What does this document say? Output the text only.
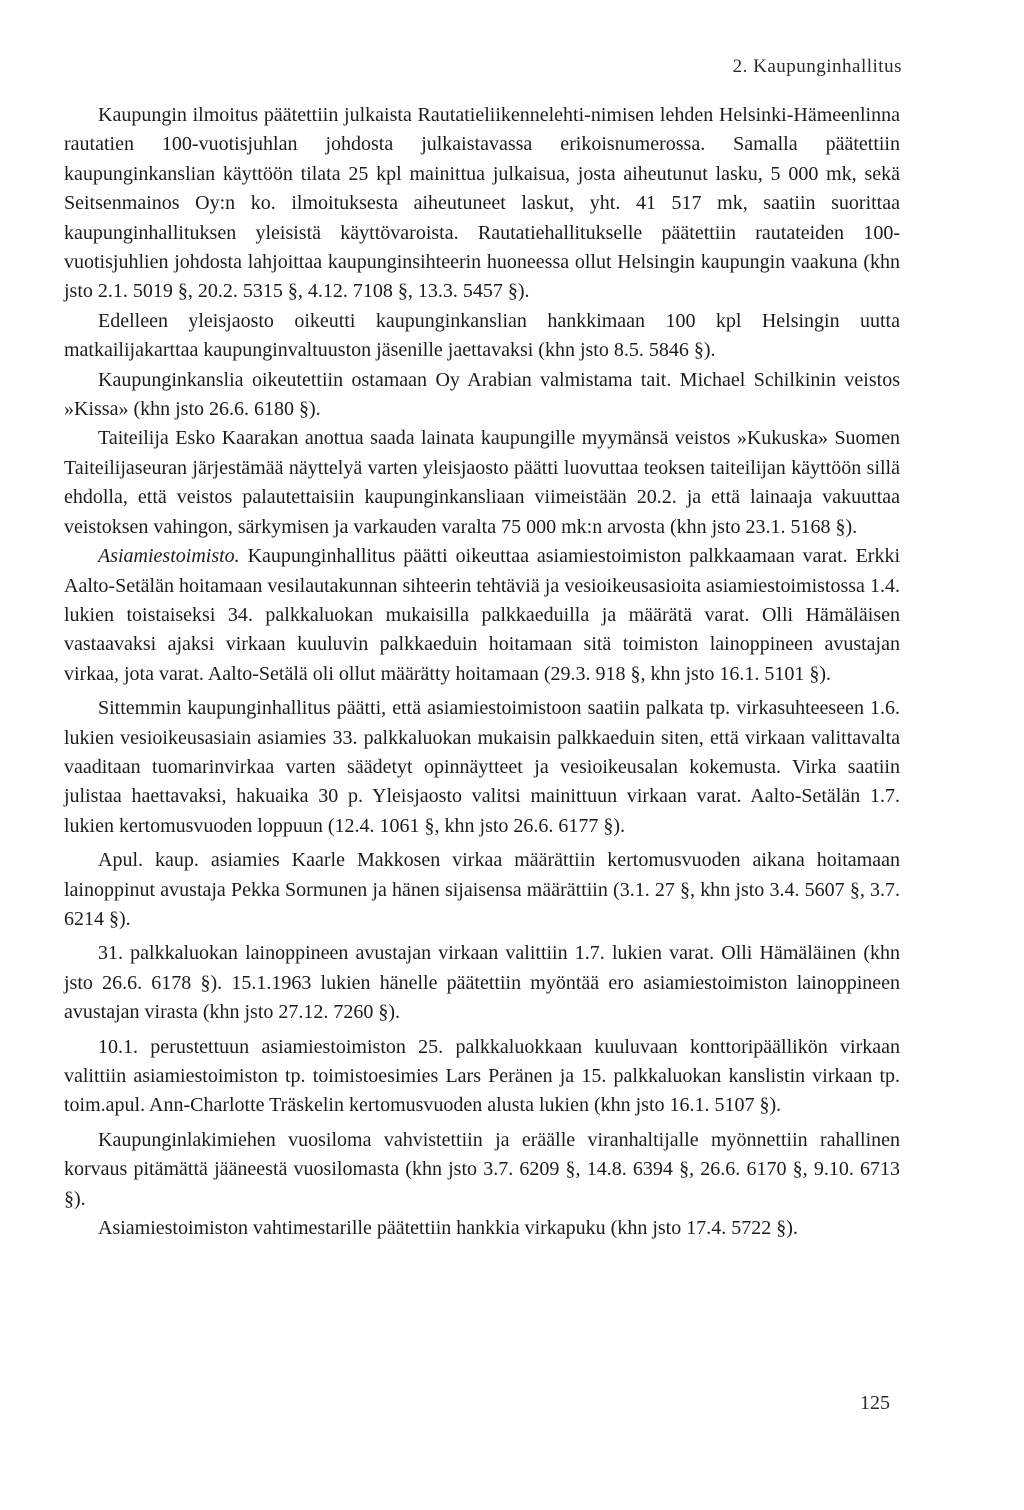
2. Kaupunginhallitus

Kaupungin ilmoitus päätettiin julkaista Rautatieliikennelehti-nimisen lehden Helsinki-Hämeenlinna rautatien 100-vuotisjuhlan johdosta julkaistavassa erikoisnumerossa. Samalla päätettiin kaupunginkanslian käyttöön tilata 25 kpl mainittua julkaisua, josta aiheutunut lasku, 5 000 mk, sekä Seitsenmainos Oy:n ko. ilmoituksesta aiheutuneet laskut, yht. 41 517 mk, saatiin suorittaa kaupunginhallituksen yleisistä käyttövaroista. Rautatiehallitukselle päätettiin rautateiden 100-vuotisjuhlien johdosta lahjoittaa kaupunginsihteerin huoneessa ollut Helsingin kaupungin vaakuna (khn jsto 2.1. 5019 §, 20.2. 5315 §, 4.12. 7108 §, 13.3. 5457 §).

Edelleen yleisjaosto oikeutti kaupunginkanslian hankkimaan 100 kpl Helsingin uutta matkailijakarttaa kaupunginvaltuuston jäsenille jaettavaksi (khn jsto 8.5. 5846 §).

Kaupunginkanslia oikeutettiin ostamaan Oy Arabian valmistama tait. Michael Schilkinin veistos »Kissa» (khn jsto 26.6. 6180 §).

Taiteilija Esko Kaarakan anottua saada lainata kaupungille myymänsä veistos »Kukuska» Suomen Taiteilijaseuran järjestämää näyttelyä varten yleisjaosto päätti luovuttaa teoksen taiteilijan käyttöön sillä ehdolla, että veistos palautettaisiin kaupunginkansliaan viimeistään 20.2. ja että lainaaja vakuuttaa veistoksen vahingon, särkymisen ja varkauden varalta 75 000 mk:n arvosta (khn jsto 23.1. 5168 §).

Asiamiestoimisto. Kaupunginhallitus päätti oikeuttaa asiamiestoimiston palkkaamaan varat. Erkki Aalto-Setälän hoitamaan vesilautakunnan sihteerin tehtäviä ja vesioikeusasioita asiamiestoimistossa 1.4. lukien toistaiseksi 34. palkkaluokan mukaisilla palkkaeduilla ja määrätä varat. Olli Hämäläisen vastaavaksi ajaksi virkaan kuuluvin palkkaeduin hoitamaan sitä toimiston lainoppineen avustajan virkaa, jota varat. Aalto-Setälä oli ollut määrätty hoitamaan (29.3. 918 §, khn jsto 16.1. 5101 §).

Sittemmin kaupunginhallitus päätti, että asiamiestoimistoon saatiin palkata tp. virkasuhteeseen 1.6. lukien vesioikeusasiain asiamies 33. palkkaluokan mukaisin palkkaeduin siten, että virkaan valittavalta vaaditaan tuomarinvirkaa varten säädetyt opinnäytteet ja vesioikeusalan kokemusta. Virka saatiin julistaa haettavaksi, hakuaika 30 p. Yleisjaosto valitsi mainittuun virkaan varat. Aalto-Setälän 1.7. lukien kertomusvuoden loppuun (12.4. 1061 §, khn jsto 26.6. 6177 §).

Apul. kaup. asiamies Kaarle Makkosen virkaa määrättiin kertomusvuoden aikana hoitamaan lainoppinut avustaja Pekka Sormunen ja hänen sijaisensa määrättiin (3.1. 27 §, khn jsto 3.4. 5607 §, 3.7. 6214 §).

31. palkkaluokan lainoppineen avustajan virkaan valittiin 1.7. lukien varat. Olli Hämäläinen (khn jsto 26.6. 6178 §). 15.1.1963 lukien hänelle päätettiin myöntää ero asiamiestoimiston lainoppineen avustajan virasta (khn jsto 27.12. 7260 §).

10.1. perustettuun asiamiestoimiston 25. palkkaluokkaan kuuluvaan konttoripäällikön virkaan valittiin asiamiestoimiston tp. toimistoesimies Lars Peränen ja 15. palkkaluokan kanslistin virkaan tp. toim.apul. Ann-Charlotte Träskelin kertomusvuoden alusta lukien (khn jsto 16.1. 5107 §).

Kaupunginlakimiehen vuosiloma vahvistettiin ja eräälle viranhaltijalle myönnettiin rahallinen korvaus pitämättä jääneestä vuosilomasta (khn jsto 3.7. 6209 §, 14.8. 6394 §, 26.6. 6170 §, 9.10. 6713 §).

Asiamiestoimiston vahtimestarille päätettiin hankkia virkapuku (khn jsto 17.4. 5722 §).

125
